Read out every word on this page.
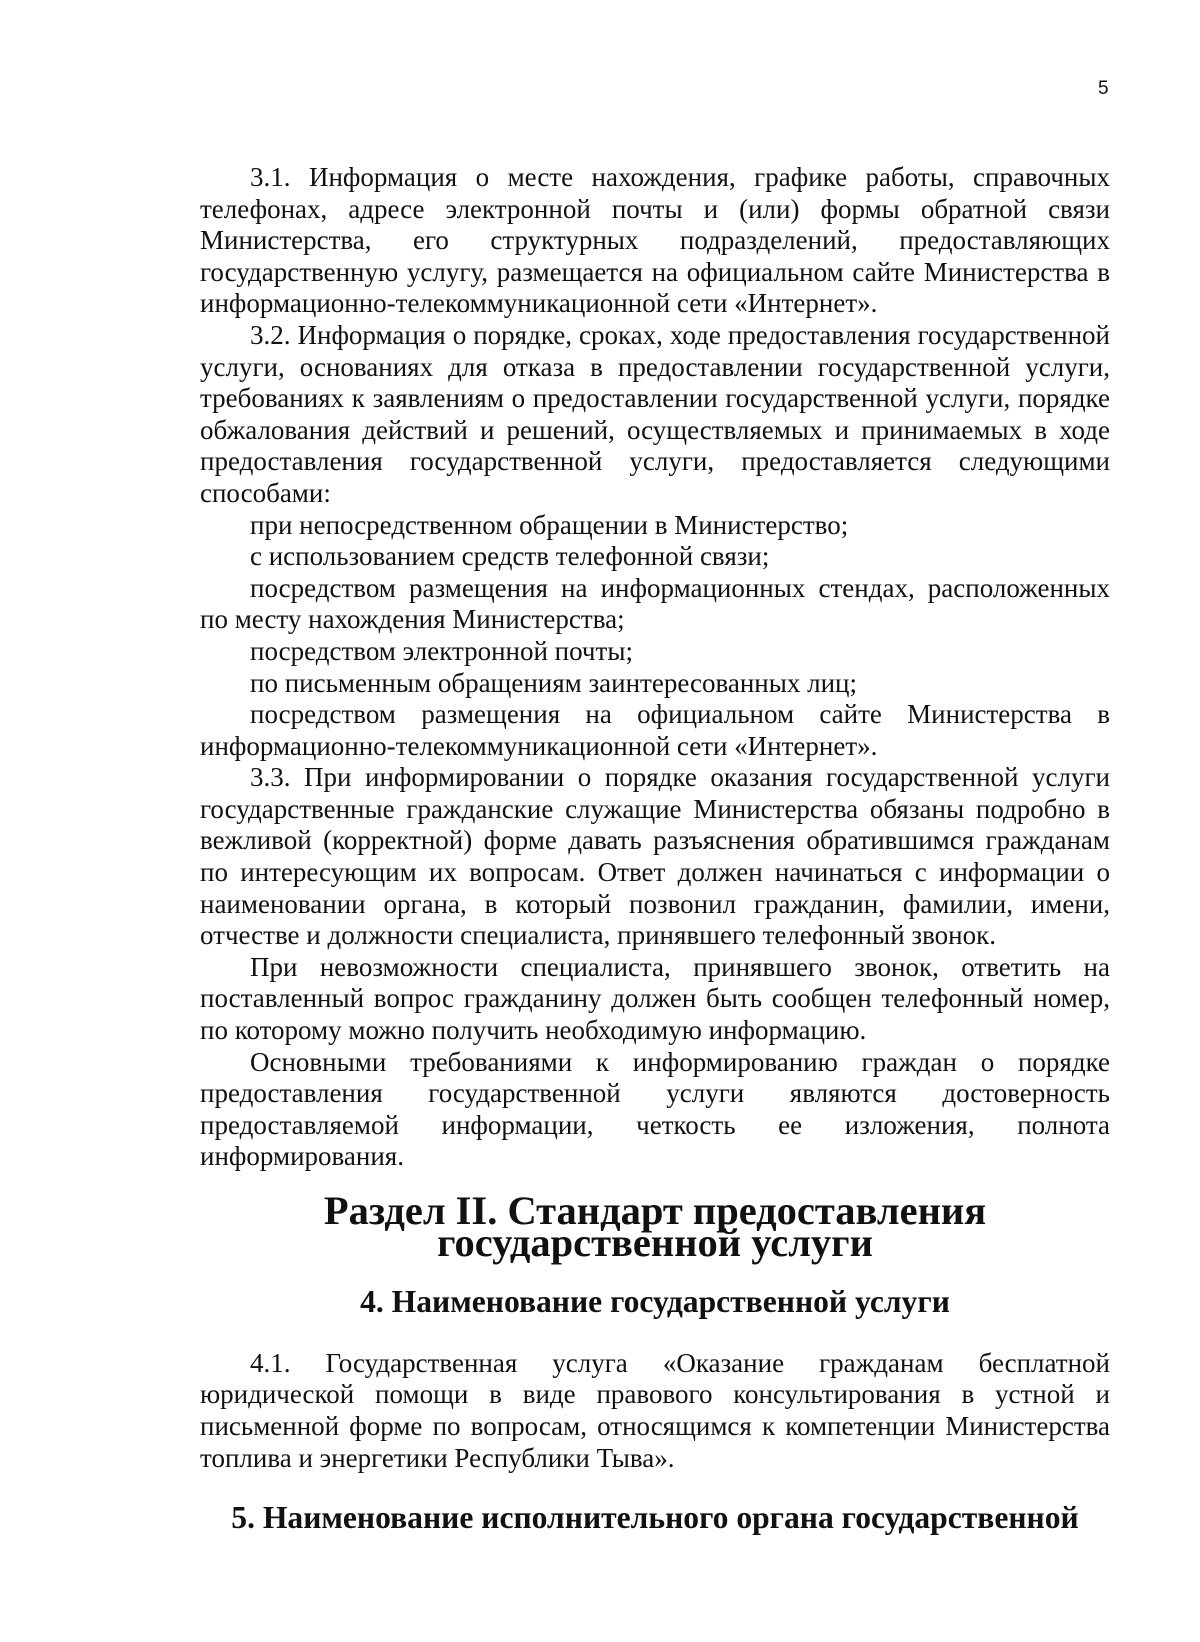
5

3.1. Информация о месте нахождения, графике работы, справочных телефонах, адресе электронной почты и (или) формы обратной связи Министерства, его структурных подразделений, предоставляющих государственную услугу, размещается на официальном сайте Министерства в информационно-телекоммуникационной сети «Интернет».

3.2. Информация о порядке, сроках, ходе предоставления государственной услуги, основаниях для отказа в предоставлении государственной услуги, требованиях к заявлениям о предоставлении государственной услуги, порядке обжалования действий и решений, осуществляемых и принимаемых в ходе предоставления государственной услуги, предоставляется следующими способами:

при непосредственном обращении в Министерство;

с использованием средств телефонной связи;

посредством размещения на информационных стендах, расположенных по месту нахождения Министерства;

посредством электронной почты;

по письменным обращениям заинтересованных лиц;

посредством размещения на официальном сайте Министерства в информационно-телекоммуникационной сети «Интернет».

3.3. При информировании о порядке оказания государственной услуги государственные гражданские служащие Министерства обязаны подробно в вежливой (корректной) форме давать разъяснения обратившимся гражданам по интересующим их вопросам. Ответ должен начинаться с информации о наименовании органа, в который позвонил гражданин, фамилии, имени, отчестве и должности специалиста, принявшего телефонный звонок.

При невозможности специалиста, принявшего звонок, ответить на поставленный вопрос гражданину должен быть сообщен телефонный номер, по которому можно получить необходимую информацию.

Основными требованиями к информированию граждан о порядке предоставления государственной услуги являются достоверность предоставляемой информации, четкость ее изложения, полнота информирования.

Раздел II. Стандарт предоставления государственной услуги
4. Наименование государственной услуги

4.1. Государственная услуга «Оказание гражданам бесплатной юридической помощи в виде правового консультирования в устной и письменной форме по вопросам, относящимся к компетенции Министерства топлива и энергетики Республики Тыва».

5. Наименование исполнительного органа государственной
